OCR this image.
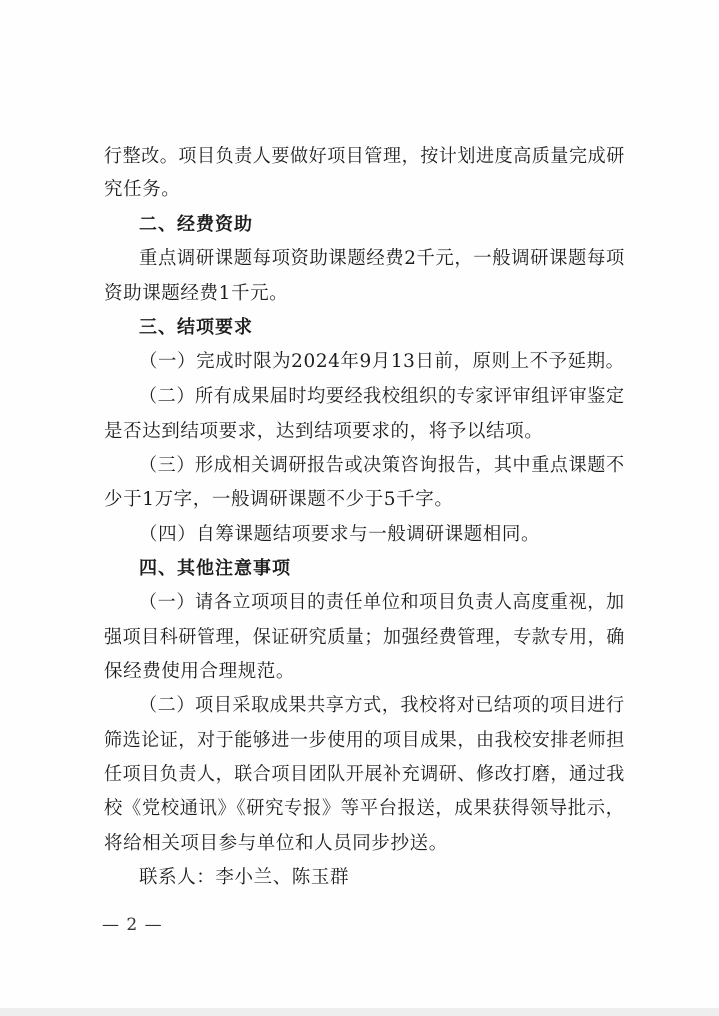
行整改。项目负责人要做好项目管理，按计划进度高质量完成研
究任务。
二、经费资助
重点调研课题每项资助课题经费2千元，一般调研课题每项
资助课题经费1千元。
三、结项要求
（一）完成时限为2024年9月13日前，原则上不予延期。
（二）所有成果届时均要经我校组织的专家评审组评审鉴定
是否达到结项要求，达到结项要求的，将予以结项。
（三）形成相关调研报告或决策咨询报告，其中重点课题不
少于1万字，一般调研课题不少于5千字。
（四）自筹课题结项要求与一般调研课题相同。
四、其他注意事项
（一）请各立项项目的责任单位和项目负责人高度重视，加
强项目科研管理，保证研究质量；加强经费管理，专款专用，确
保经费使用合理规范。
（二）项目采取成果共享方式，我校将对已结项的项目进行
筛选论证，对于能够进一步使用的项目成果，由我校安排老师担
任项目负责人，联合项目团队开展补充调研、修改打磨，通过我
校《党校通讯》《研究专报》等平台报送，成果获得领导批示，
将给相关项目参与单位和人员同步抄送。
联系人：李小兰、陈玉群
— 2 —
